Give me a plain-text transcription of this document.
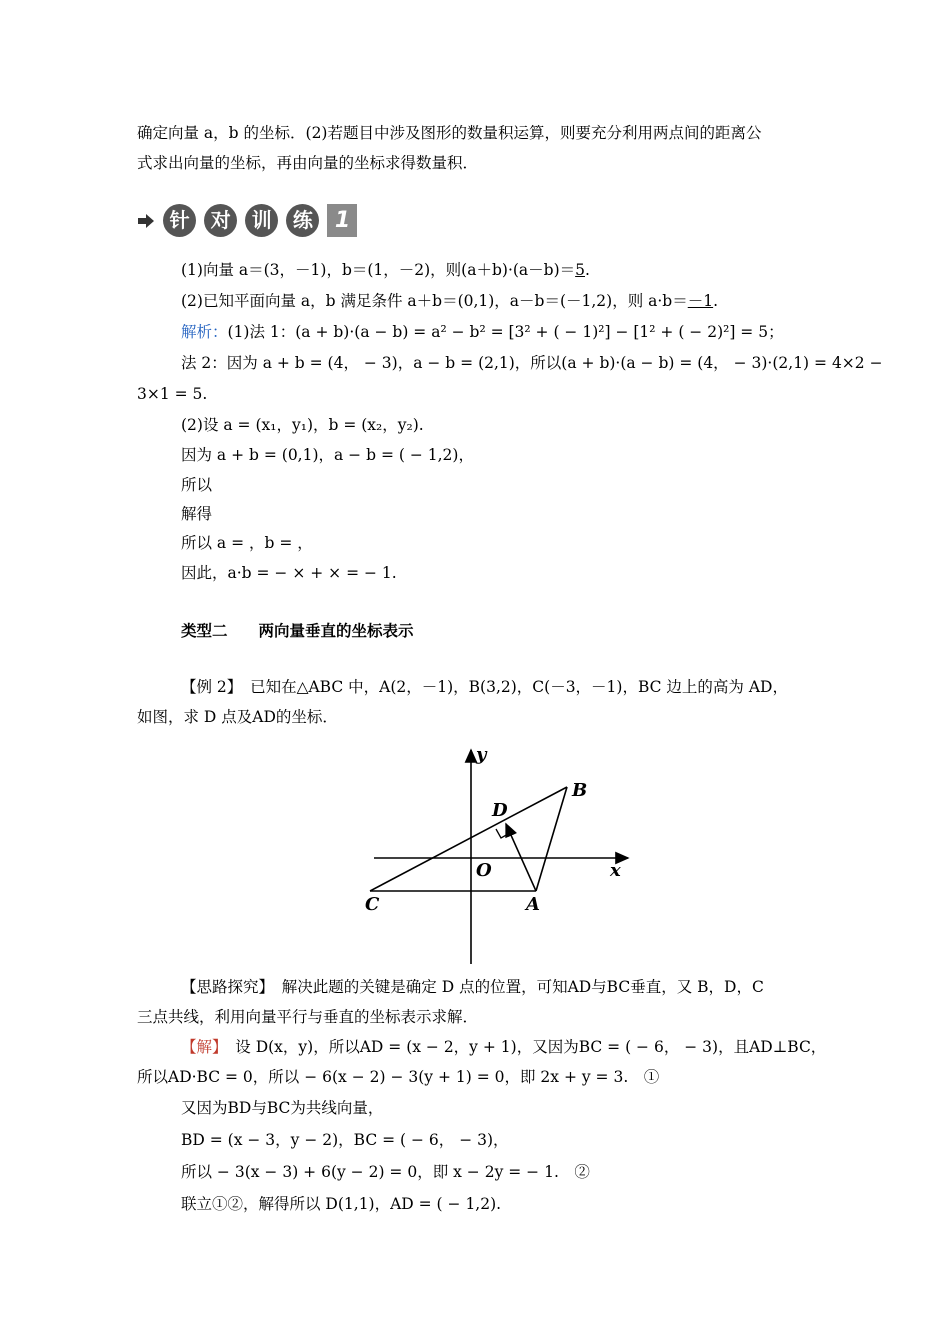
确定向量 a，b 的坐标．(2)若题目中涉及图形的数量积运算，则要充分利用两点间的距离公
式求出向量的坐标，再由向量的坐标求得数量积．
针 对 训 练 1
(1)向量 a＝(3，－1)，b＝(1，－2)，则(a＋b)·(a－b)＝5.
(2)已知平面向量 a，b 满足条件 a＋b＝(0,1)，a－b＝(－1,2)，则 a·b＝－1.
解析：(1)法 1：(a + b)·(a − b) = a² − b² = [3² + ( − 1)²] − [1² + ( − 2)²] = 5；
法 2：因为 a + b = (4， − 3)，a − b = (2,1)，所以(a + b)·(a − b) = (4， − 3)·(2,1) = 4×2 −
3×1 = 5.
(2)设 a = (x₁，y₁)，b = (x₂，y₂).
因为 a + b = (0,1)，a − b = ( − 1,2)，
所以
解得
所以 a = ，b = ，
因此，a·b = − × + × = − 1.
类型二　　两向量垂直的坐标表示
【例 2】　 已知在△ABC 中，A(2，－1)，B(3,2)，C(－3，－1)，BC 边上的高为 AD，
如图，求 D 点及AD的坐标．
y
x
O
B
D
C	A
【思路探究】　 解决此题的关键是确定 D 点的位置，可知AD与BC垂直，又 B，D，C
三点共线，利用向量平行与垂直的坐标表示求解．
【解】　 设 D(x，y)，所以AD = (x − 2，y + 1)，又因为BC = ( − 6， − 3)，且AD⊥BC，
所以AD·BC = 0，所以 − 6(x − 2) − 3(y + 1) = 0，即 2x + y = 3.　①
又因为BD与BC为共线向量，
BD = (x − 3，y − 2)，BC = ( − 6， − 3)，
所以 − 3(x − 3) + 6(y − 2) = 0，即 x − 2y = − 1.　②
联立①②，解得所以 D(1,1)，AD = ( − 1,2).
